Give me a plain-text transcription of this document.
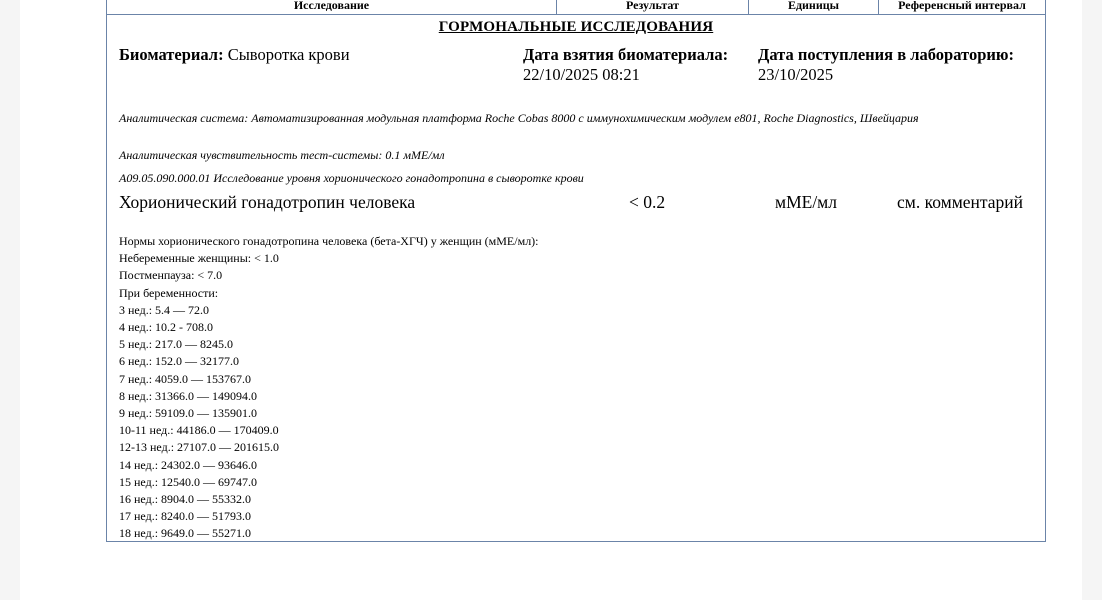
Исследование	Результат	Единицы	Референсный интервал
ГОРМОНАЛЬНЫЕ ИССЛЕДОВАНИЯ
Биоматериал: Сыворотка крови	Дата взятия биоматериала:
22/10/2025 08:21
Дата поступления в лабораторию:
23/10/2025
Аналитическая система: Автоматизированная модульная платформа Roche Cobas 8000 с иммунохимическим модулем e801, Roche Diagnostics, Швейцария
Аналитическая чувствительность тест-системы: 0.1 мМЕ/мл
A09.05.090.000.01 Исследование уровня хорионического гонадотропина в сыворотке крови
Хорионический гонадотропин человека	< 0.2	мМЕ/мл	см. комментарий
Нормы хорионического гонадотропина человека (бета-ХГЧ) у женщин (мМЕ/мл):
Небеременные женщины: < 1.0
Постменпауза: < 7.0
При беременности:
3 нед.: 5.4 — 72.0
4 нед.: 10.2 - 708.0
5 нед.: 217.0 — 8245.0
6 нед.: 152.0 — 32177.0
7 нед.: 4059.0 — 153767.0
8 нед.: 31366.0 — 149094.0
9 нед.: 59109.0 — 135901.0
10-11 нед.: 44186.0 — 170409.0
12-13 нед.: 27107.0 — 201615.0
14 нед.: 24302.0 — 93646.0
15 нед.: 12540.0 — 69747.0
16 нед.: 8904.0 — 55332.0
17 нед.: 8240.0 — 51793.0
18 нед.: 9649.0 — 55271.0
